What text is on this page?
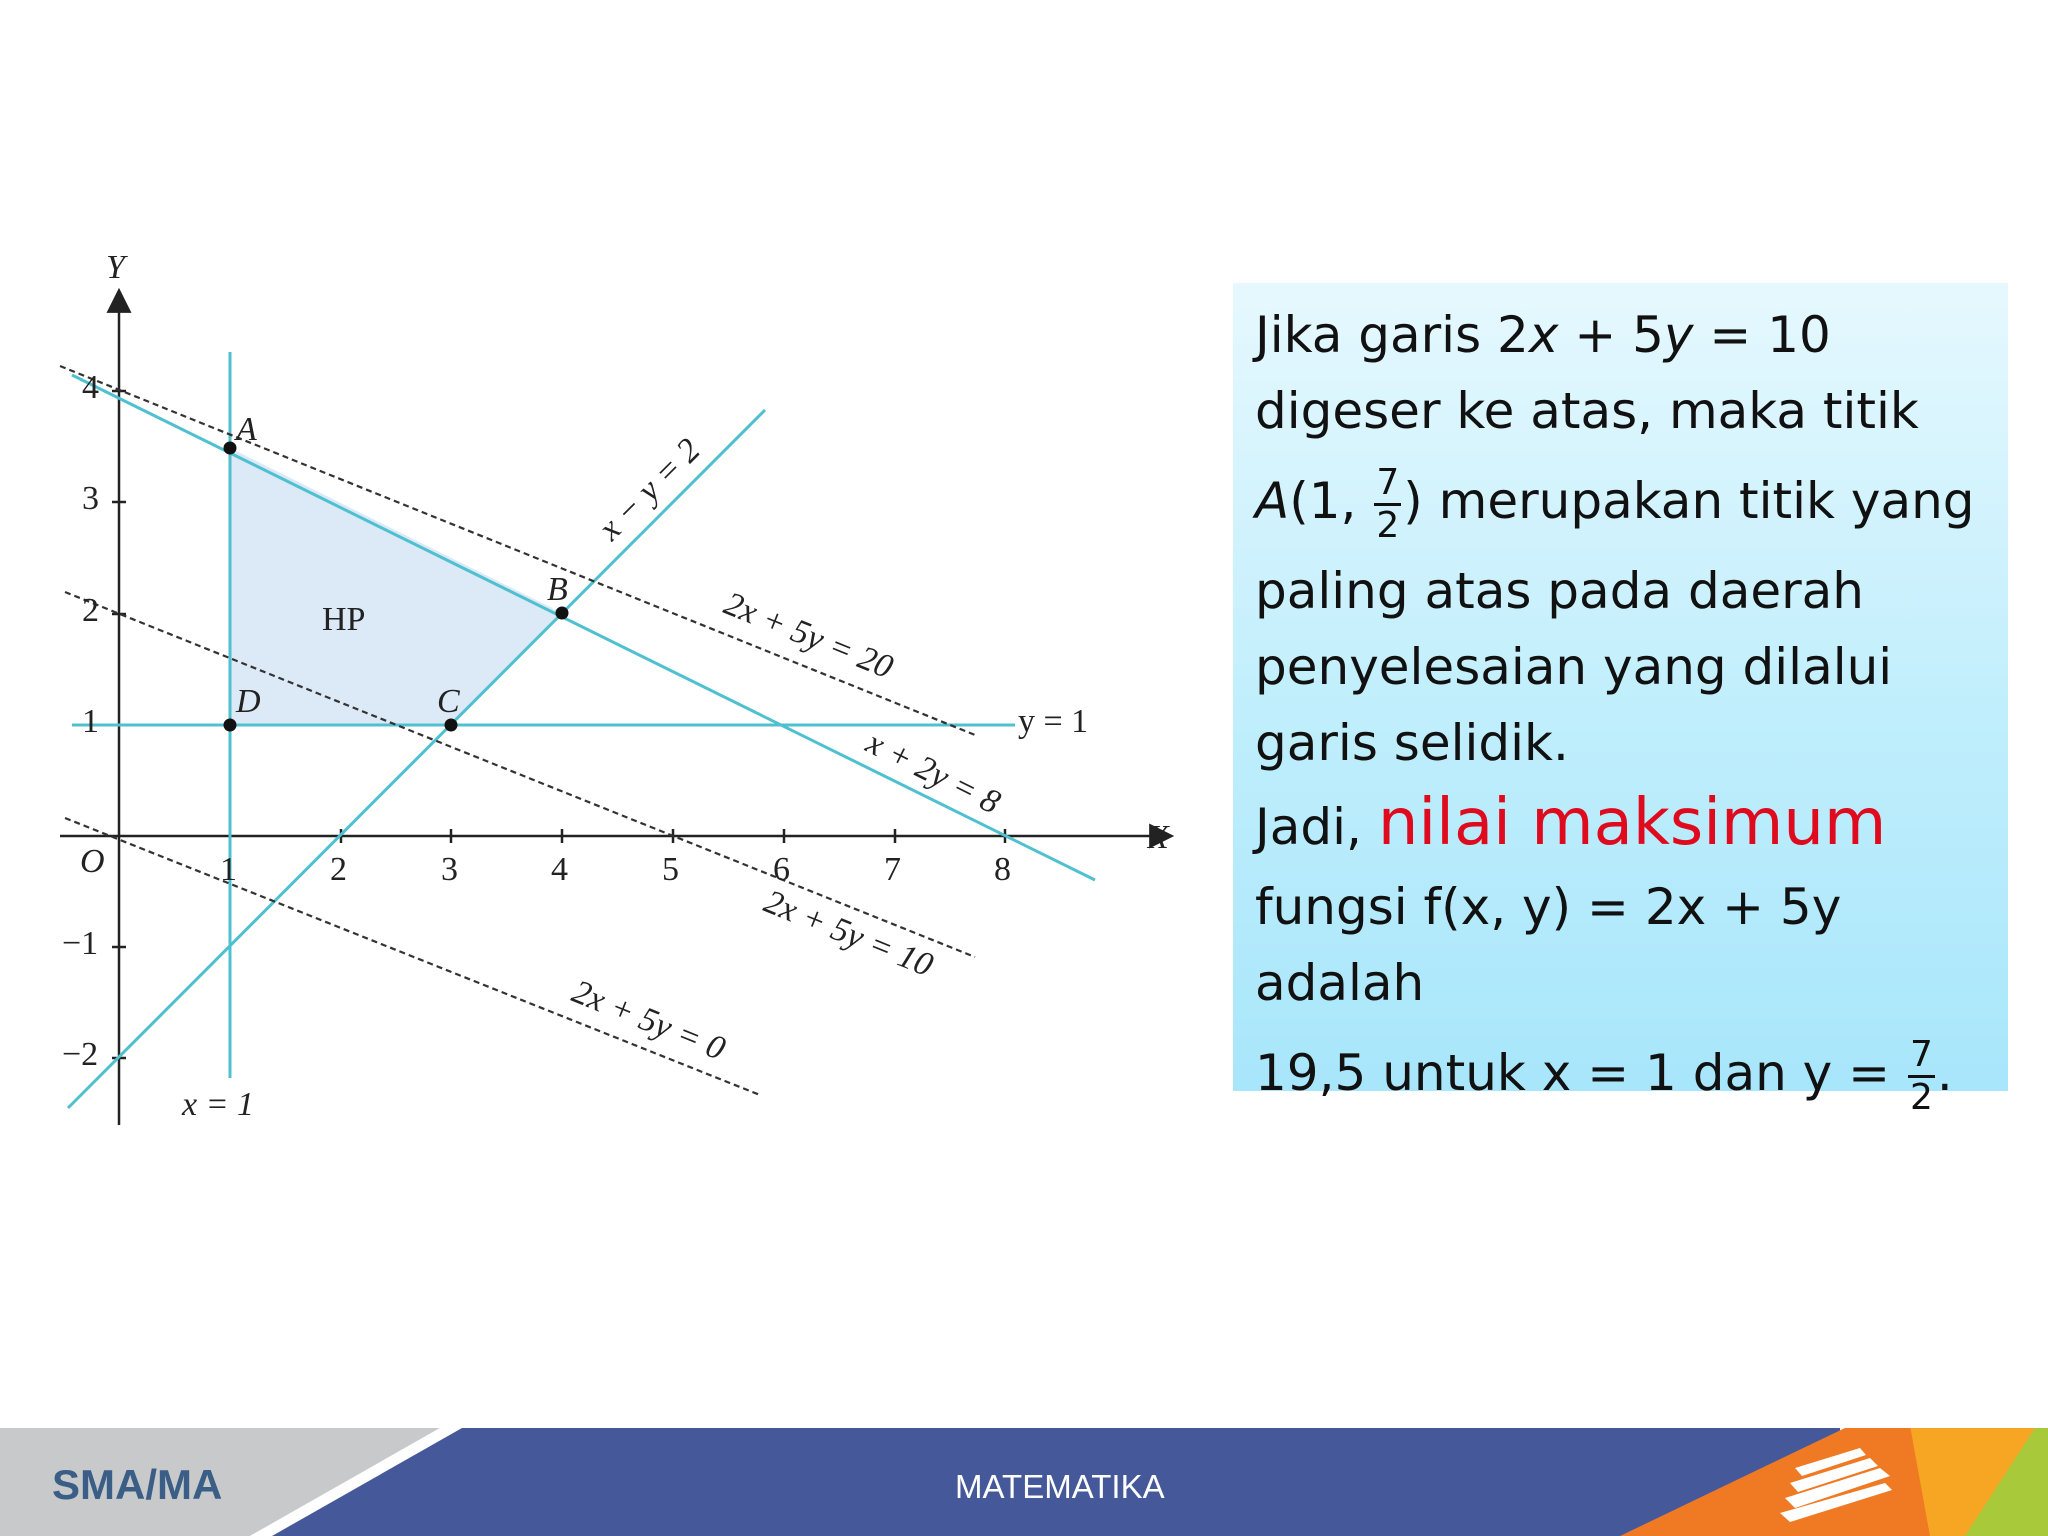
Y
X
O	1	2	3	4	5	6	7	8
4
3
2
1
−1
−2
HP
A
B
C
D
x − y = 2
2x + 5y = 20
y = 1
x + 2y = 8
2x + 5y = 10
2x + 5y = 0
x = 1

Jika garis 2x + 5y = 10

digeser ke atas, maka titik

A(1, $\frac{7}{2}$ ) merupakan titik yang

paling atas pada daerah

penyelesaian yang dilalui

garis selidik.

Jadi, nilai maksimum

fungsi f(x, y) = 2x + 5y adalah

19,5 untuk x = 1 dan $y = \frac{7}{2}$ .

SMA/MA	MATEMATIKA
